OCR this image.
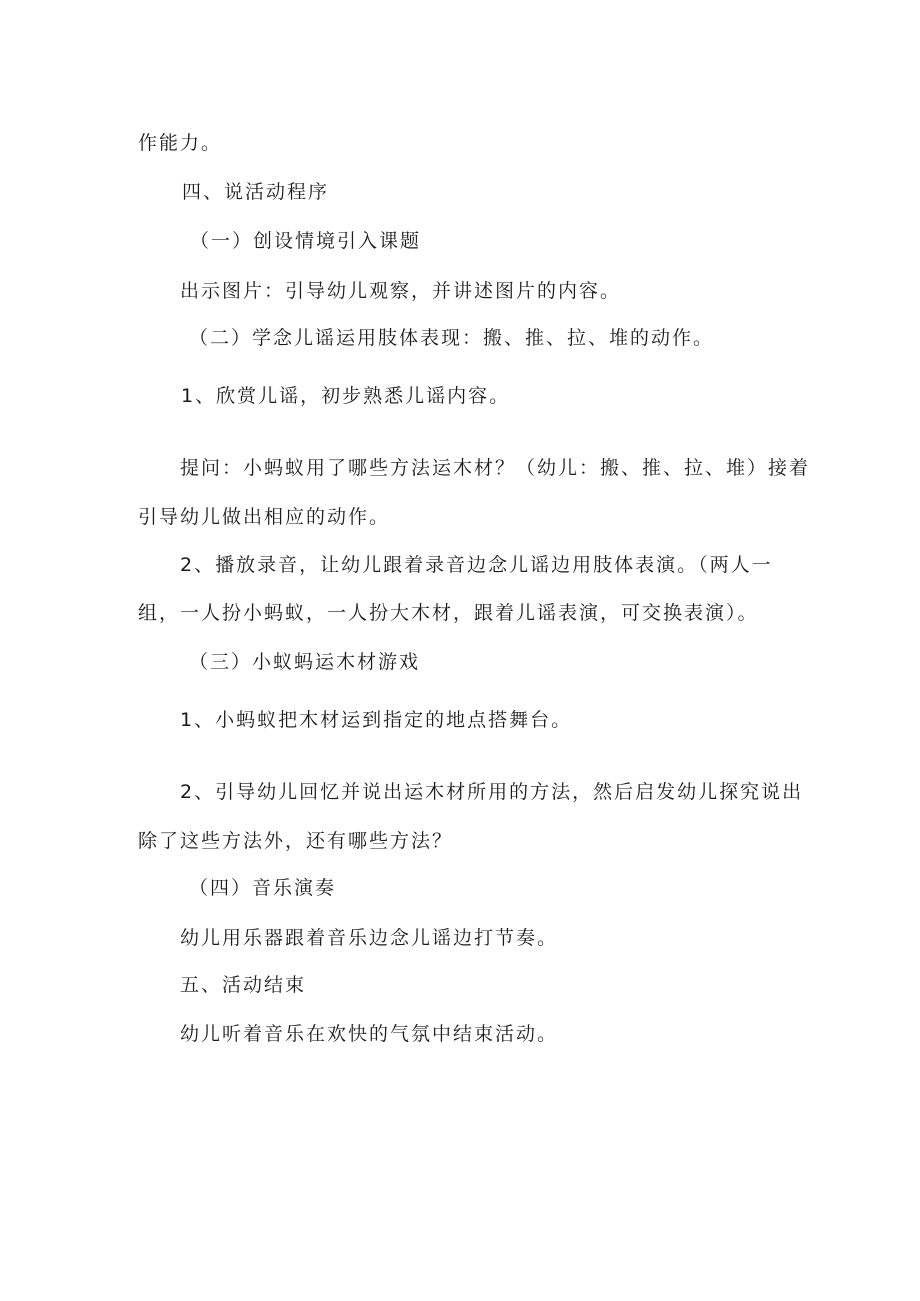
作能力。

四、说活动程序

（一）创设情境引入课题

出示图片：引导幼儿观察，并讲述图片的内容。

（二）学念儿谣运用肢体表现：搬、推、拉、堆的动作。

1、欣赏儿谣，初步熟悉儿谣内容。

提问：小蚂蚁用了哪些方法运木材？（幼儿：搬、推、拉、堆）接着

引导幼儿做出相应的动作。

2、播放录音，让幼儿跟着录音边念儿谣边用肢体表演。（两人一

组，一人扮小蚂蚁，一人扮大木材，跟着儿谣表演，可交换表演）。

（三）小蚁蚂运木材游戏

1、小蚂蚁把木材运到指定的地点搭舞台。

2、引导幼儿回忆并说出运木材所用的方法，然后启发幼儿探究说出

除了这些方法外，还有哪些方法？

（四）音乐演奏

幼儿用乐器跟着音乐边念儿谣边打节奏。

五、活动结束

幼儿听着音乐在欢快的气氛中结束活动。
